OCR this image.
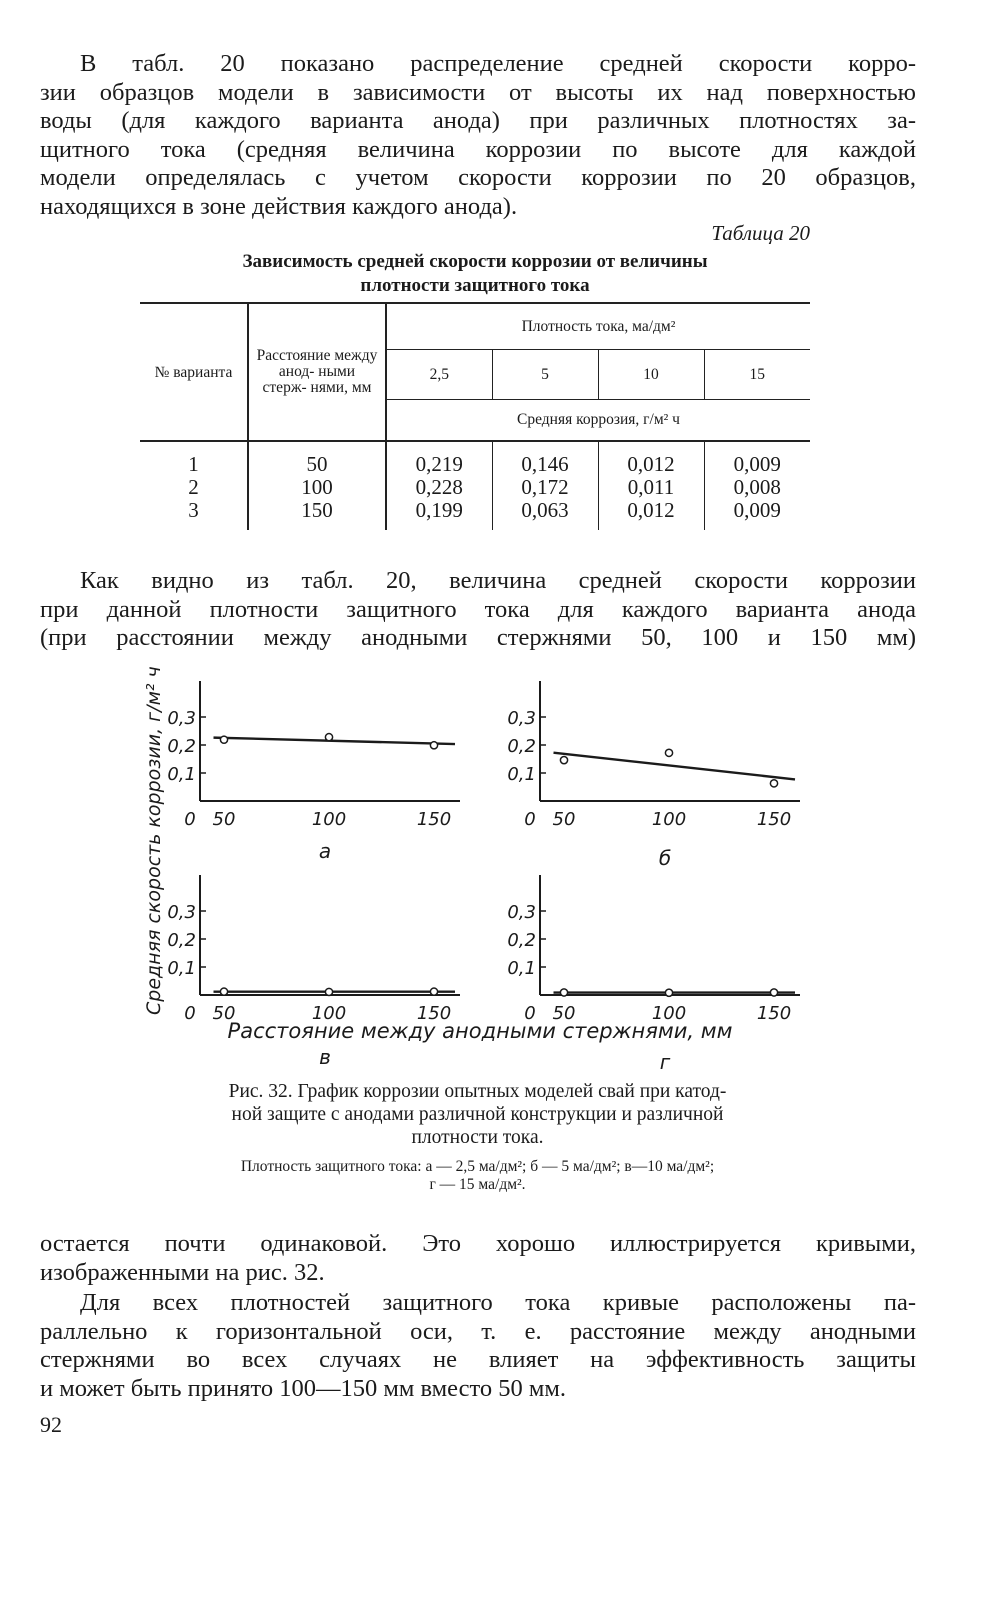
В табл. 20 показано распределение средней скорости корро-
зии образцов модели в зависимости от высоты их над поверхностью
воды (для каждого варианта анода) при различных плотностях за-
щитного тока (средняя величина коррозии по высоте для каждой
модели определялась с учетом скорости коррозии по 20 образцов,
находящихся в зоне действия каждого анода).
Таблица 20
Зависимость средней скорости коррозии от величины
плотности защитного тока
№ варианта	Расстояние между анод- ными стерж- нями, мм	Плотность тока, ма/дм²			
		2,5	5	10	15
		Средняя коррозия, г/м² ч			

1	50	0,219	0,146	0,012	0,009
2	100	0,228	0,172	0,011	0,008
3	150	0,199	0,063	0,012	0,009

Как видно из табл. 20, величина средней скорости коррозии
при данной плотности защитного тока для каждого варианта анода
(при расстоянии между анодными стержнями 50, 100 и 150 мм)
Средняя скорость коррозии, г/м² ч
Расстояние между анодными стержнями, мм
0,3
0,2
0,1
0 50	100	150
а
0,3
0,2
0,1
0 50	100	150
б
0,3
0,2
0,1
0 50	100	150
в
0,3
0,2
0,1
0 50	100	150
г
Рис. 32. График коррозии опытных моделей свай при катод-
ной защите с анодами различной конструкции и различной
плотности тока.
Плотность защитного тока: а — 2,5 ма/дм²; б — 5 ма/дм²; в—10 ма/дм²;
г — 15 ма/дм².
остается почти одинаковой. Это хорошо иллюстрируется кривыми,
изображенными на рис. 32.
Для всех плотностей защитного тока кривые расположены па-
раллельно к горизонтальной оси, т. е. расстояние между анодными
стержнями во всех случаях не влияет на эффективность защиты
и может быть принято 100—150 мм вместо 50 мм.
92
